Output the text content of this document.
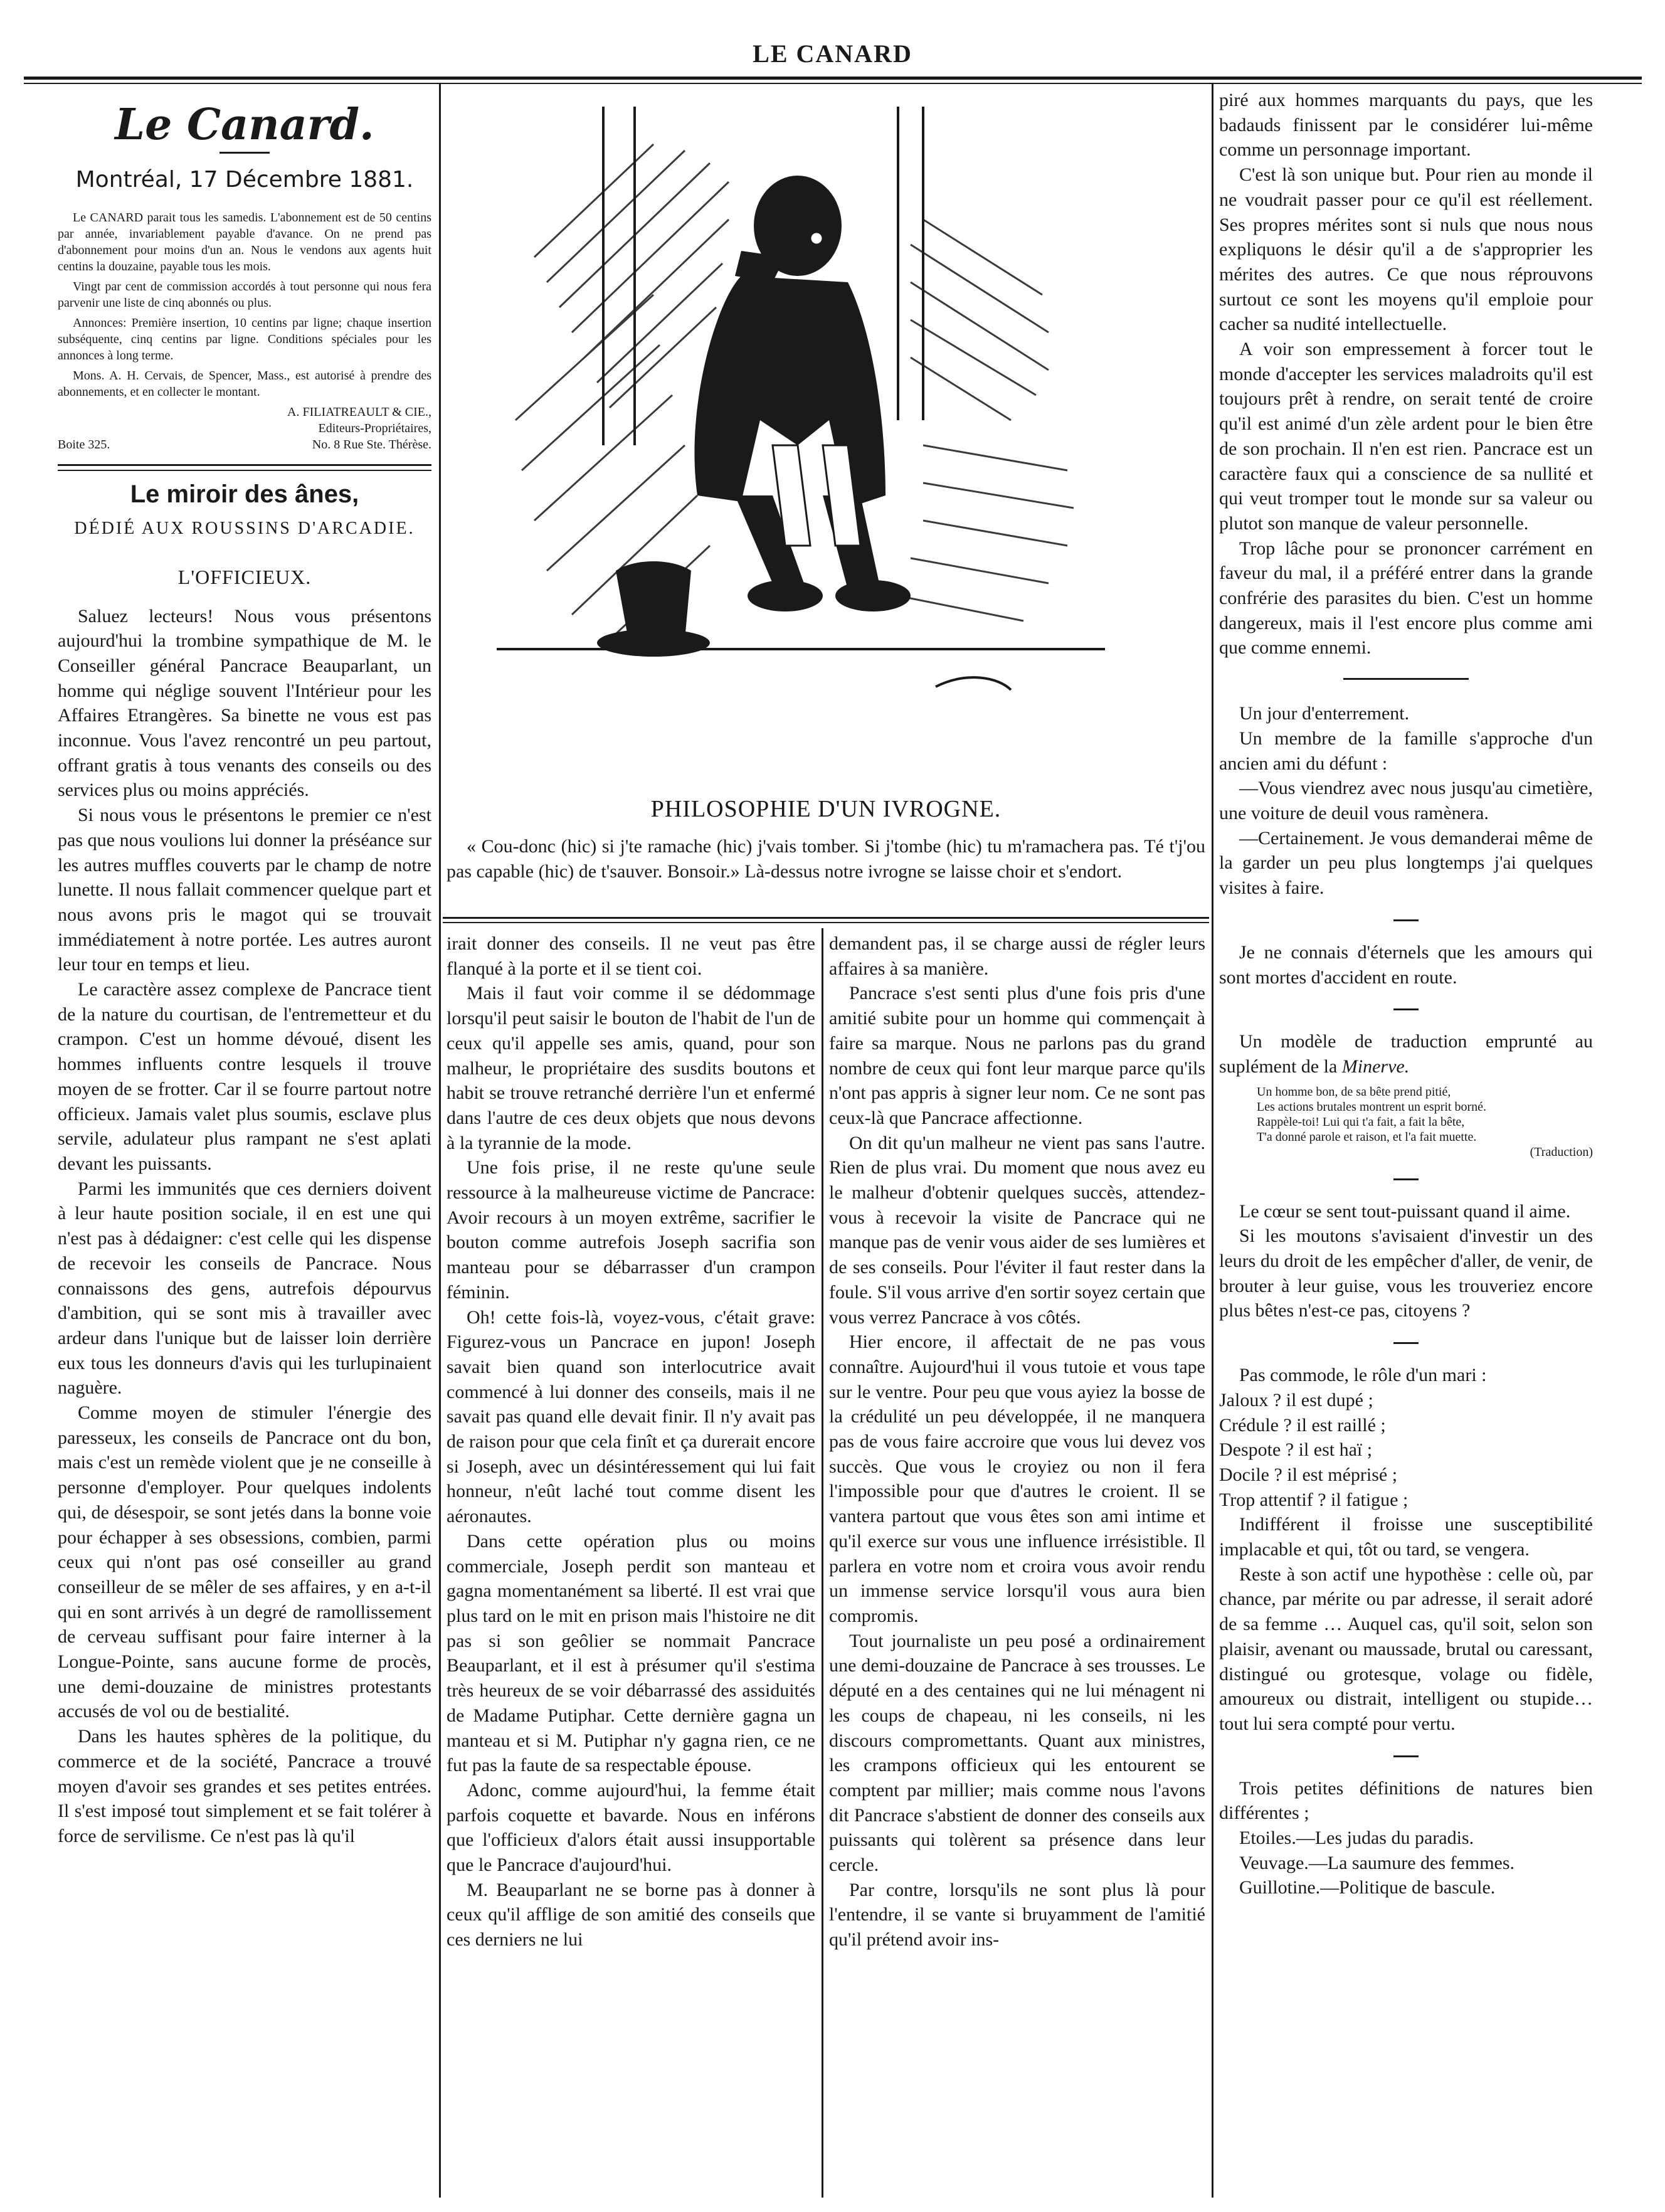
LE CANARD
Le Canard.
Montréal, 17 Décembre 1881.

Le CANARD parait tous les samedis. L'abonnement est de 50 centins par année, invariablement payable d'avance. On ne prend pas d'abonnement pour moins d'un an. Nous le vendons aux agents huit centins la douzaine, payable tous les mois.

Vingt par cent de commission accordés à tout personne qui nous fera parvenir une liste de cinq abonnés ou plus.

Annonces: Première insertion, 10 centins par ligne; chaque insertion subséquente, cinq centins par ligne. Conditions spéciales pour les annonces à long terme.

Mons. A. H. Cervais, de Spencer, Mass., est autorisé à prendre des abonnements, et en collecter le montant.

A. FILIATREAULT & CIE.,
Editeurs-Propriétaires,
Boite 325.	No. 8 Rue Ste. Thérèse.
Le miroir des ânes,
DÉDIÉ AUX ROUSSINS D'ARCADIE.
L'OFFICIEUX.

Saluez lecteurs! Nous vous présentons aujourd'hui la trombine sympathique de M. le Conseiller général Pancrace Beauparlant, un homme qui néglige souvent l'Intérieur pour les Affaires Etrangères. Sa binette ne vous est pas inconnue. Vous l'avez rencontré un peu partout, offrant gratis à tous venants des conseils ou des services plus ou moins appréciés.

Si nous vous le présentons le premier ce n'est pas que nous voulions lui donner la préséance sur les autres muffles couverts par le champ de notre lunette. Il nous fallait commencer quelque part et nous avons pris le magot qui se trouvait immédiatement à notre portée. Les autres auront leur tour en temps et lieu.

Le caractère assez complexe de Pancrace tient de la nature du courtisan, de l'entremetteur et du crampon. C'est un homme dévoué, disent les hommes influents contre lesquels il trouve moyen de se frotter. Car il se fourre partout notre officieux. Jamais valet plus soumis, esclave plus servile, adulateur plus rampant ne s'est aplati devant les puissants.

Parmi les immunités que ces derniers doivent à leur haute position sociale, il en est une qui n'est pas à dédaigner: c'est celle qui les dispense de recevoir les conseils de Pancrace. Nous connaissons des gens, autrefois dépourvus d'ambition, qui se sont mis à travailler avec ardeur dans l'unique but de laisser loin derrière eux tous les donneurs d'avis qui les turlupinaient naguère.

Comme moyen de stimuler l'énergie des paresseux, les conseils de Pancrace ont du bon, mais c'est un remède violent que je ne conseille à personne d'employer. Pour quelques indolents qui, de désespoir, se sont jetés dans la bonne voie pour échapper à ses obsessions, combien, parmi ceux qui n'ont pas osé conseiller au grand conseilleur de se mêler de ses affaires, y en a-t-il qui en sont arrivés à un degré de ramollissement de cerveau suffisant pour faire interner à la Longue-Pointe, sans aucune forme de procès, une demi-douzaine de ministres protestants accusés de vol ou de bestialité.

Dans les hautes sphères de la politique, du commerce et de la société, Pancrace a trouvé moyen d'avoir ses grandes et ses petites entrées. Il s'est imposé tout simplement et se fait tolérer à force de servilisme. Ce n'est pas là qu'il

PHILOSOPHIE D'UN IVROGNE.
« Cou-donc (hic) si j'te ramache (hic) j'vais tomber. Si j'tombe (hic) tu m'ramachera pas. Té t'j'ou pas capable (hic) de t'sauver. Bonsoir.» Là-dessus notre ivrogne se laisse choir et s'endort.

irait donner des conseils. Il ne veut pas être flanqué à la porte et il se tient coi.

Mais il faut voir comme il se dédommage lorsqu'il peut saisir le bouton de l'habit de l'un de ceux qu'il appelle ses amis, quand, pour son malheur, le propriétaire des susdits boutons et habit se trouve retranché derrière l'un et enfermé dans l'autre de ces deux objets que nous devons à la tyrannie de la mode.

Une fois prise, il ne reste qu'une seule ressource à la malheureuse victime de Pancrace: Avoir recours à un moyen extrême, sacrifier le bouton comme autrefois Joseph sacrifia son manteau pour se débarrasser d'un crampon féminin.

Oh! cette fois-là, voyez-vous, c'était grave: Figurez-vous un Pancrace en jupon! Joseph savait bien quand son interlocutrice avait commencé à lui donner des conseils, mais il ne savait pas quand elle devait finir. Il n'y avait pas de raison pour que cela finît et ça durerait encore si Joseph, avec un désintéressement qui lui fait honneur, n'eût laché tout comme disent les aéronautes.

Dans cette opération plus ou moins commerciale, Joseph perdit son manteau et gagna momentanément sa liberté. Il est vrai que plus tard on le mit en prison mais l'histoire ne dit pas si son geôlier se nommait Pancrace Beauparlant, et il est à présumer qu'il s'estima très heureux de se voir débarrassé des assiduités de Madame Putiphar. Cette dernière gagna un manteau et si M. Putiphar n'y gagna rien, ce ne fut pas la faute de sa respectable épouse.

Adonc, comme aujourd'hui, la femme était parfois coquette et bavarde. Nous en inférons que l'officieux d'alors était aussi insupportable que le Pancrace d'aujourd'hui.

M. Beauparlant ne se borne pas à donner à ceux qu'il afflige de son amitié des conseils que ces derniers ne lui

demandent pas, il se charge aussi de régler leurs affaires à sa manière.

Pancrace s'est senti plus d'une fois pris d'une amitié subite pour un homme qui commençait à faire sa marque. Nous ne parlons pas du grand nombre de ceux qui font leur marque parce qu'ils n'ont pas appris à signer leur nom. Ce ne sont pas ceux-là que Pancrace affectionne.

On dit qu'un malheur ne vient pas sans l'autre. Rien de plus vrai. Du moment que nous avez eu le malheur d'obtenir quelques succès, attendez-vous à recevoir la visite de Pancrace qui ne manque pas de venir vous aider de ses lumières et de ses conseils. Pour l'éviter il faut rester dans la foule. S'il vous arrive d'en sortir soyez certain que vous verrez Pancrace à vos côtés.

Hier encore, il affectait de ne pas vous connaître. Aujourd'hui il vous tutoie et vous tape sur le ventre. Pour peu que vous ayiez la bosse de la crédulité un peu développée, il ne manquera pas de vous faire accroire que vous lui devez vos succès. Que vous le croyiez ou non il fera l'impossible pour que d'autres le croient. Il se vantera partout que vous êtes son ami intime et qu'il exerce sur vous une influence irrésistible. Il parlera en votre nom et croira vous avoir rendu un immense service lorsqu'il vous aura bien compromis.

Tout journaliste un peu posé a ordinairement une demi-douzaine de Pancrace à ses trousses. Le député en a des centaines qui ne lui ménagent ni les coups de chapeau, ni les conseils, ni les discours compromettants. Quant aux ministres, les crampons officieux qui les entourent se comptent par millier; mais comme nous l'avons dit Pancrace s'abstient de donner des conseils aux puissants qui tolèrent sa présence dans leur cercle.

Par contre, lorsqu'ils ne sont plus là pour l'entendre, il se vante si bruyamment de l'amitié qu'il prétend avoir ins-

piré aux hommes marquants du pays, que les badauds finissent par le considérer lui-même comme un personnage important.

C'est là son unique but. Pour rien au monde il ne voudrait passer pour ce qu'il est réellement. Ses propres mérites sont si nuls que nous nous expliquons le désir qu'il a de s'approprier les mérites des autres. Ce que nous réprouvons surtout ce sont les moyens qu'il emploie pour cacher sa nudité intellectuelle.

A voir son empressement à forcer tout le monde d'accepter les services maladroits qu'il est toujours prêt à rendre, on serait tenté de croire qu'il est animé d'un zèle ardent pour le bien être de son prochain. Il n'en est rien. Pancrace est un caractère faux qui a conscience de sa nullité et qui veut tromper tout le monde sur sa valeur ou plutot son manque de valeur personnelle.

Trop lâche pour se prononcer carrément en faveur du mal, il a préféré entrer dans la grande confrérie des parasites du bien. C'est un homme dangereux, mais il l'est encore plus comme ami que comme ennemi.

Un jour d'enterrement.

Un membre de la famille s'approche d'un ancien ami du défunt :

—Vous viendrez avec nous jusqu'au cimetière, une voiture de deuil vous ramènera.

—Certainement. Je vous demanderai même de la garder un peu plus longtemps j'ai quelques visites à faire.

Je ne connais d'éternels que les amours qui sont mortes d'accident en route.

Un modèle de traduction emprunté au suplément de la Minerve.

Un homme bon, de sa bête prend pitié,
Les actions brutales montrent un esprit borné.
Rappèle-toi! Lui qui t'a fait, a fait la bête,
T'a donné parole et raison, et l'a fait muette.
(Traduction)

Le cœur se sent tout-puissant quand il aime.

Si les moutons s'avisaient d'investir un des leurs du droit de les empêcher d'aller, de venir, de brouter à leur guise, vous les trouveriez encore plus bêtes n'est-ce pas, citoyens ?

Pas commode, le rôle d'un mari :

Jaloux ? il est dupé ;

Crédule ? il est raillé ;

Despote ? il est haï ;

Docile ? il est méprisé ;

Trop attentif ? il fatigue ;

Indifférent il froisse une susceptibilité implacable et qui, tôt ou tard, se vengera.

Reste à son actif une hypothèse : celle où, par chance, par mérite ou par adresse, il serait adoré de sa femme … Auquel cas, qu'il soit, selon son plaisir, avenant ou maussade, brutal ou caressant, distingué ou grotesque, volage ou fidèle, amoureux ou distrait, intelligent ou stupide… tout lui sera compté pour vertu.

Trois petites définitions de natures bien différentes ;

Etoiles.—Les judas du paradis.

Veuvage.—La saumure des femmes.

Guillotine.—Politique de bascule.
